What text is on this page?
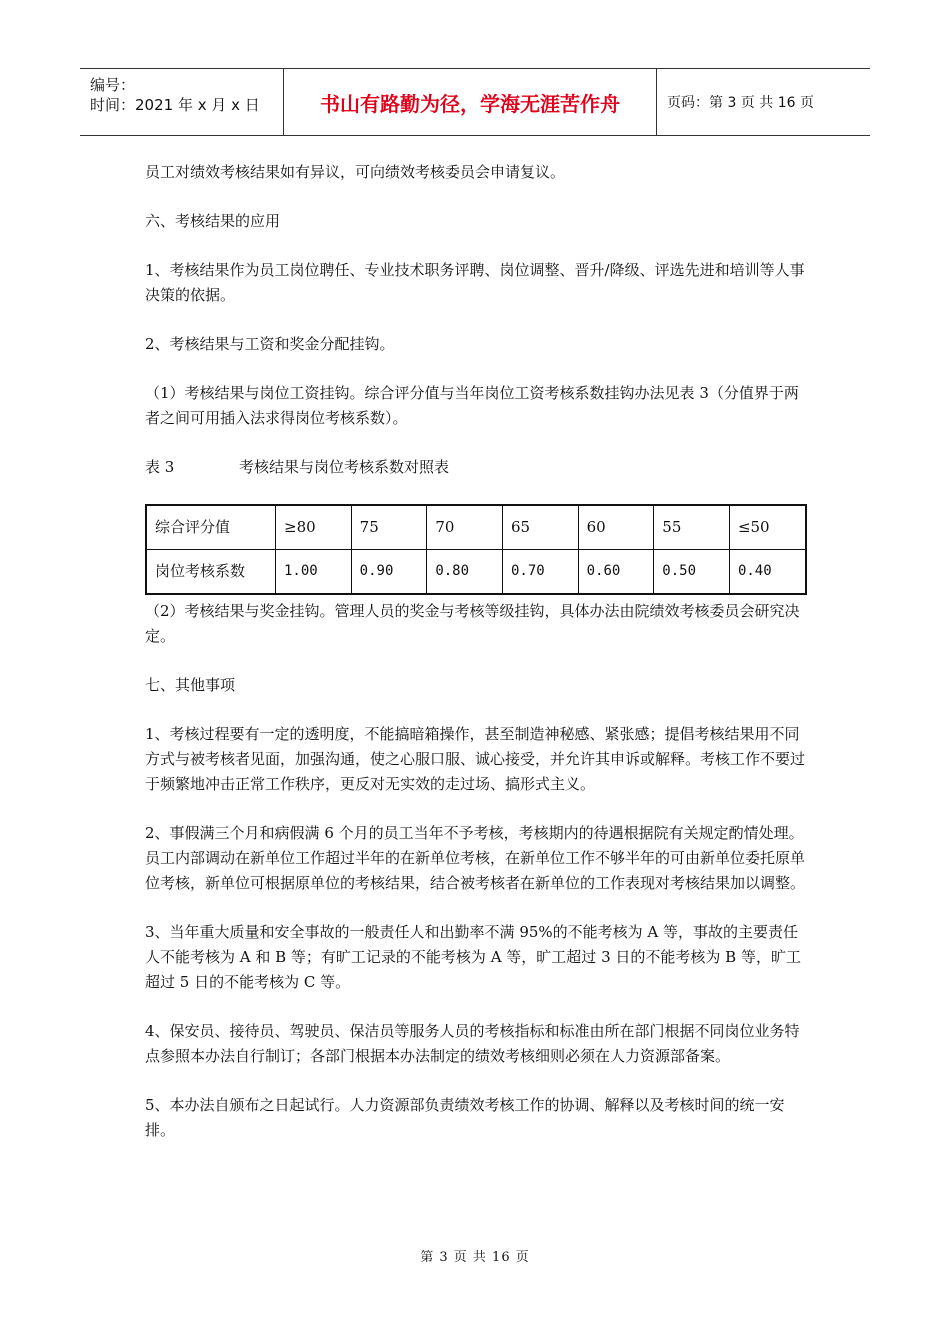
编号：
时间：2021 年 x 月 x 日	书山有路勤为径，学海无涯苦作舟	页码：第 3 页 共 16 页

员工对绩效考核结果如有异议，可向绩效考核委员会申请复议。

六、考核结果的应用

1、考核结果作为员工岗位聘任、专业技术职务评聘、岗位调整、晋升/降级、评选先进和培训等人事决策的依据。

2、考核结果与工资和奖金分配挂钩。

（1）考核结果与岗位工资挂钩。综合评分值与当年岗位工资考核系数挂钩办法见表 3（分值界于两者之间可用插入法求得岗位考核系数）。

表 3	考核结果与岗位考核系数对照表

综合评分值	≥80	75	70	65	60	55	≤50
岗位考核系数	1.00	0.90	0.80	0.70	0.60	0.50	0.40

（2）考核结果与奖金挂钩。管理人员的奖金与考核等级挂钩，具体办法由院绩效考核委员会研究决定。

七、其他事项

1、考核过程要有一定的透明度，不能搞暗箱操作，甚至制造神秘感、紧张感；提倡考核结果用不同方式与被考核者见面，加强沟通，使之心服口服、诚心接受，并允许其申诉或解释。考核工作不要过于频繁地冲击正常工作秩序，更反对无实效的走过场、搞形式主义。

2、事假满三个月和病假满 6 个月的员工当年不予考核，考核期内的待遇根据院有关规定酌情处理。员工内部调动在新单位工作超过半年的在新单位考核，在新单位工作不够半年的可由新单位委托原单位考核，新单位可根据原单位的考核结果，结合被考核者在新单位的工作表现对考核结果加以调整。

3、当年重大质量和安全事故的一般责任人和出勤率不满 95%的不能考核为 A 等，事故的主要责任人不能考核为 A 和 B 等；有旷工记录的不能考核为 A 等，旷工超过 3 日的不能考核为 B 等，旷工超过 5 日的不能考核为 C 等。

4、保安员、接待员、驾驶员、保洁员等服务人员的考核指标和标准由所在部门根据不同岗位业务特点参照本办法自行制订；各部门根据本办法制定的绩效考核细则必须在人力资源部备案。

5、本办法自颁布之日起试行。人力资源部负责绩效考核工作的协调、解释以及考核时间的统一安排。

第 3 页 共 16 页
